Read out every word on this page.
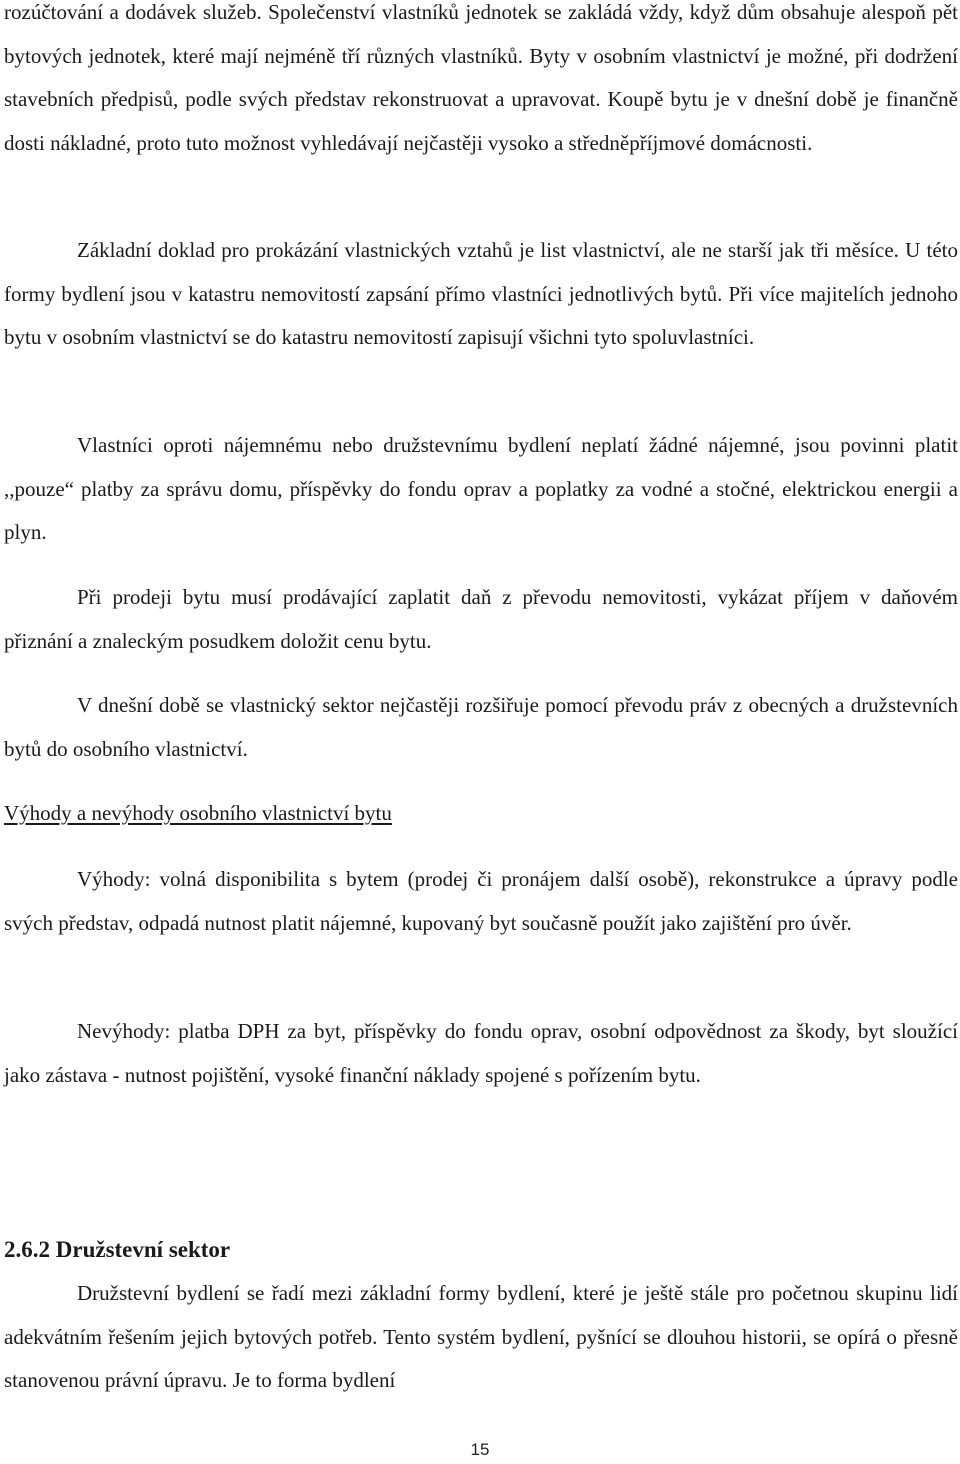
rozúčtování a dodávek služeb. Společenství vlastníků jednotek se zakládá vždy, když dům obsahuje alespoň pět bytových jednotek, které mají nejméně tří různých vlastníků. Byty v osobním vlastnictví je možné, při dodržení stavebních předpisů, podle svých představ rekonstruovat a upravovat. Koupě bytu je v dnešní době je finančně dosti nákladné, proto tuto možnost vyhledávají nejčastěji vysoko a středněpříjmové domácnosti.

Základní doklad pro prokázání vlastnických vztahů je list vlastnictví, ale ne starší jak tři měsíce. U této formy bydlení jsou v katastru nemovitostí zapsání přímo vlastníci jednotlivých bytů. Při více majitelích jednoho bytu v osobním vlastnictví se do katastru nemovitostí zapisují všichni tyto spoluvlastníci.

Vlastníci oproti nájemnému nebo družstevnímu bydlení neplatí žádné nájemné, jsou povinni platit ,,pouze“ platby za správu domu, příspěvky do fondu oprav a poplatky za vodné a stočné, elektrickou energii a plyn.

Při prodeji bytu musí prodávající zaplatit daň z převodu nemovitosti, vykázat příjem v daňovém přiznání a znaleckým posudkem doložit cenu bytu.

V dnešní době se vlastnický sektor nejčastěji rozšiřuje pomocí převodu práv z obecných a družstevních bytů do osobního vlastnictví.

Výhody a nevýhody osobního vlastnictví bytu

Výhody: volná disponibilita s bytem (prodej či pronájem další osobě), rekonstrukce a úpravy podle svých představ, odpadá nutnost platit nájemné, kupovaný byt současně použít jako zajištění pro úvěr.

Nevýhody: platba DPH za byt, příspěvky do fondu oprav, osobní odpovědnost za škody, byt sloužící jako zástava - nutnost pojištění, vysoké finanční náklady spojené s pořízením bytu.

2.6.2 Družstevní sektor

Družstevní bydlení se řadí mezi základní formy bydlení, které je ještě stále pro početnou skupinu lidí adekvátním řešením jejich bytových potřeb. Tento systém bydlení, pyšnící se dlouhou historii, se opírá o přesně stanovenou právní úpravu. Je to forma bydlení

15
